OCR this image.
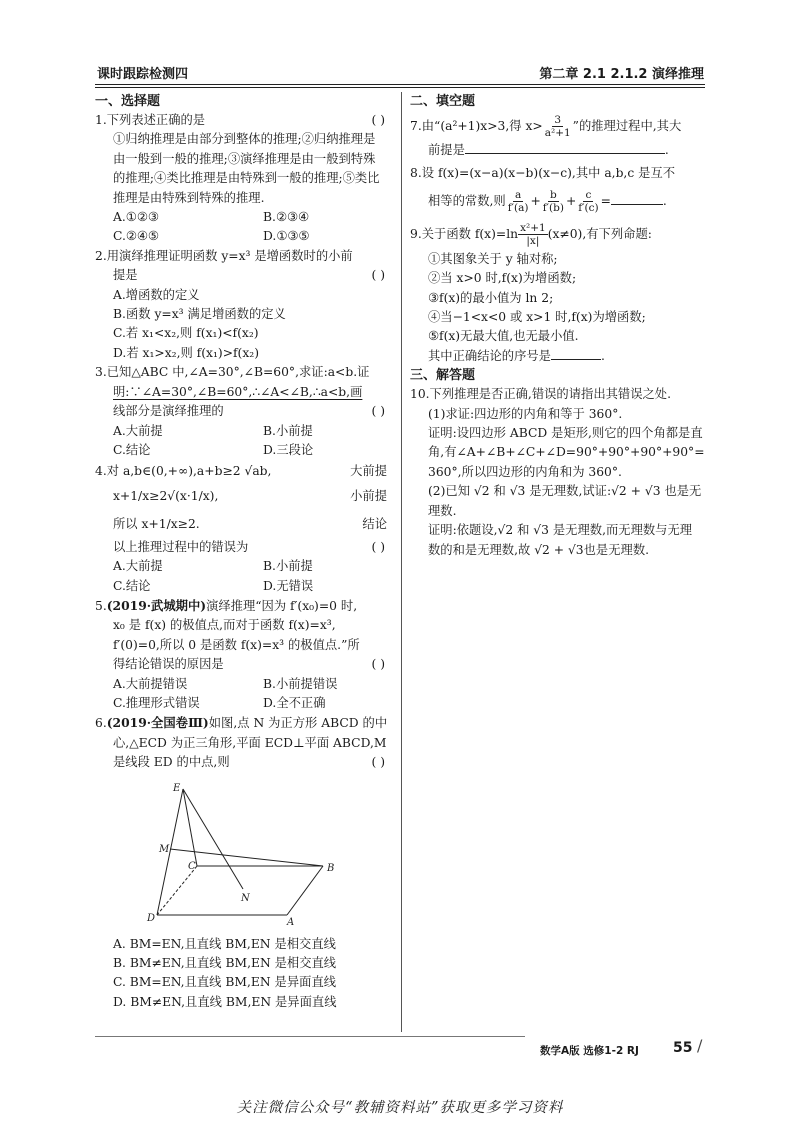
课时跟踪检测四	第二章 2.1 2.1.2 演绎推理
一、选择题
1.下列表述正确的是	( )
①归纳推理是由部分到整体的推理;②归纳推理是
由一般到一般的推理;③演绎推理是由一般到特殊
的推理;④类比推理是由特殊到一般的推理;⑤类比
推理是由特殊到特殊的推理.
A.①②③	B.②③④
C.②④⑤	D.①③⑤
2.用演绎推理证明函数 y=x³ 是增函数时的小前
提是	( )
A.增函数的定义
B.函数 y=x³ 满足增函数的定义
C.若 x₁<x₂,则 f(x₁)<f(x₂)
D.若 x₁>x₂,则 f(x₁)>f(x₂)
3.已知△ABC 中,∠A=30°,∠B=60°,求证:a<b.证
明:∵∠A=30°,∠B=60°,∴∠A<∠B,∴a<b,画
线部分是演绎推理的	( )
A.大前提	B.小前提
C.结论	D.三段论
4.对 a,b∈(0,+∞),a+b≥2 √ab,	大前提
x+1/x≥2√(x·1/x),	小前提
所以 x+1/x≥2.	结论
以上推理过程中的错误为	( )
A.大前提	B.小前提
C.结论	D.无错误
5.(2019·武城期中)演绎推理“因为 f′(x₀)=0 时,
x₀ 是 f(x) 的极值点,而对于函数 f(x)=x³,
f′(0)=0,所以 0 是函数 f(x)=x³ 的极值点.”所
得结论错误的原因是	( )
A.大前提错误	B.小前提错误
C.推理形式错误	D.全不正确
6.(2019·全国卷Ⅲ)如图,点 N 为正方形 ABCD 的中
心,△ECD 为正三角形,平面 ECD⊥平面 ABCD,M
是线段 ED 的中点,则	( )
E
M
C	B
N
D	A
A. BM=EN,且直线 BM,EN 是相交直线
B. BM≠EN,且直线 BM,EN 是相交直线
C. BM=EN,且直线 BM,EN 是异面直线
D. BM≠EN,且直线 BM,EN 是异面直线
二、填空题
7.由“(a²+1)x>3,得 $x> \frac{3}{\text{a²+1}}$ ”的推理过程中,其大
前提是	.
8.设 f(x)=(x−a)(x−b)(x−c),其中 a,b,c 是互不
相等的常数,则 $\frac{a}{f'(a)} + \frac{b}{f'(b)} + \frac{c}{f'(c)}$ =	.
9.关于函数 $f(x)=\ln \frac{\text{x²+1}}{|x|} (x\ne 0)$,有下列命题:
①其图象关于 y 轴对称;
②当 x>0 时,f(x)为增函数;
③f(x)的最小值为 ln 2;
④当−1<x<0 或 x>1 时,f(x)为增函数;
⑤f(x)无最大值,也无最小值.
其中正确结论的序号是	.
三、解答题
10.下列推理是否正确,错误的请指出其错误之处.
(1)求证:四边形的内角和等于 360°.
证明:设四边形 ABCD 是矩形,则它的四个角都是直
角,有∠A+∠B+∠C+∠D=90°+90°+90°+90°=
360°,所以四边形的内角和为 360°.
(2)已知 √2 和 √3 是无理数,试证:√2 + √3 也是无
理数.
证明:依题设,√2 和 √3 是无理数,而无理数与无理
数的和是无理数,故 √2 + √3也是无理数.
数学A版 选修1-2 RJ 55 /
关注微信公众号“教辅资料站”获取更多学习资料
